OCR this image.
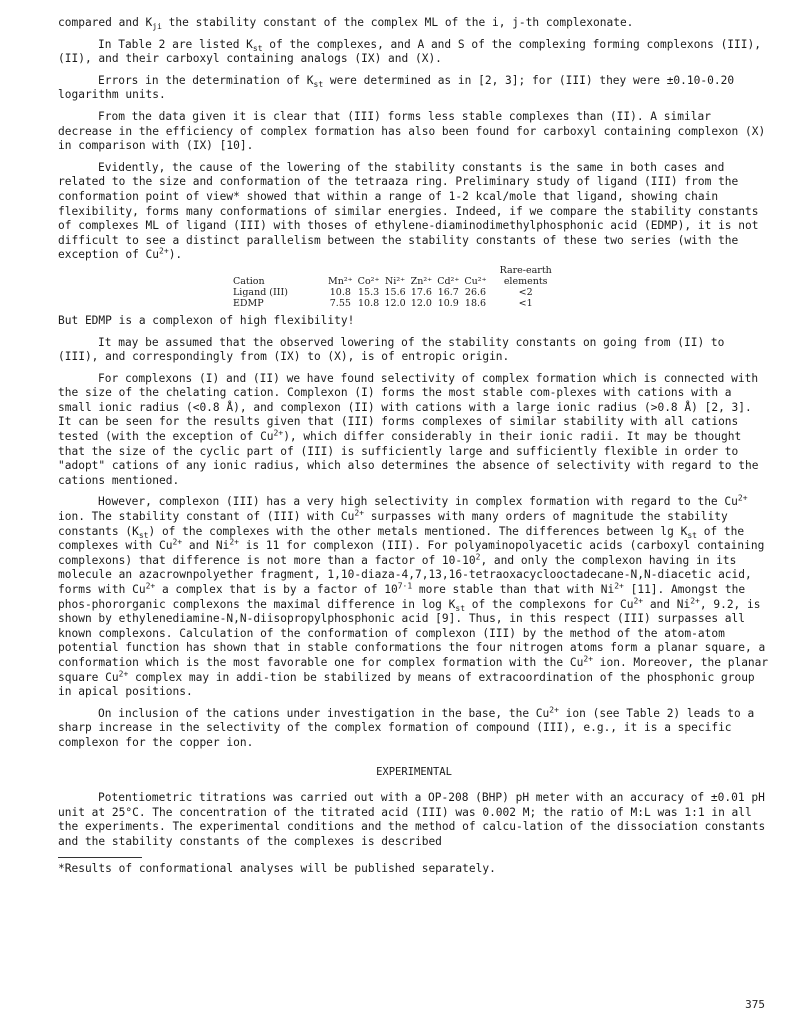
compared and $K_{ji}$ the stability constant of the complex ML of the i, j-th complexonate.

In Table 2 are listed $K_{st}$ of the complexes, and A and S of the complexing forming complexons (III), (II), and their carboxyl containing analogs (IX) and (X).

Errors in the determination of $K_{st}$ were determined as in [2, 3]; for (III) they were ±0.10-0.20 logarithm units.

From the data given it is clear that (III) forms less stable complexes than (II). A similar decrease in the efficiency of complex formation has also been found for carboxyl containing complexon (X) in comparison with (IX) [10].

Evidently, the cause of the lowering of the stability constants is the same in both cases and related to the size and conformation of the tetraaza ring. Preliminary study of ligand (III) from the conformation point of view* showed that within a range of 1-2 kcal/mole that ligand, showing chain flexibility, forms many conformations of similar energies. Indeed, if we compare the stability constants of complexes ML of ligand (III) with thoses of ethylene-diaminodimethylphosphonic acid (EDMP), it is not difficult to see a distinct parallelism between the stability constants of these two series (with the exception of $Cu^{2+}$).

							Rare-earth
Cation	Mn²⁺	Co²⁺	Ni²⁺	Zn²⁺	Cd²⁺	Cu²⁺	elements
Ligand (III)	10.8	15.3	15.6	17.6	16.7	26.6	<2
EDMP	7.55	10.8	12.0	12.0	10.9	18.6	<1

But EDMP is a complexon of high flexibility!

It may be assumed that the observed lowering of the stability constants on going from (II) to (III), and correspondingly from (IX) to (X), is of entropic origin.

For complexons (I) and (II) we have found selectivity of complex formation which is connected with the size of the chelating cation. Complexon (I) forms the most stable com-plexes with cations with a small ionic radius (<0.8 Å), and complexon (II) with cations with a large ionic radius (>0.8 Å) [2, 3]. It can be seen for the results given that (III) forms complexes of similar stability with all cations tested (with the exception of $Cu^{2+}$), which differ considerably in their ionic radii. It may be thought that the size of the cyclic part of (III) is sufficiently large and sufficiently flexible in order to "adopt" cations of any ionic radius, which also determines the absence of selectivity with regard to the cations mentioned.

However, complexon (III) has a very high selectivity in complex formation with regard to the $Cu^{2+}$ ion. The stability constant of (III) with $Cu^{2+}$ surpasses with many orders of magnitude the stability constants $(K_{st})$ of the complexes with the other metals mentioned. The differences between $\lg K_{st}$ of the complexes with $Cu^{2+}$ and $Ni^{2+}$ is 11 for complexon (III). For polyaminopolyacetic acids (carboxyl containing complexons) that difference is not more than a factor of $10-10^2$, and only the complexon having in its molecule an azacrownpolyether fragment, 1,10-diaza-4,7,13,16-tetraoxacyclooctadecane-N,N-diacetic acid, forms with $Cu^{2+}$ a complex that is by a factor of $10^{7\cdot 1}$ more stable than that with $Ni^{2+}$ [11]. Amongst the phos-phororganic complexons the maximal difference in $\log K_{st}$ of the complexons for $Cu^{2+}$ and $Ni^{2+}$, 9.2, is shown by ethylenediamine-N,N-diisopropylphosphonic acid [9]. Thus, in this respect (III) surpasses all known complexons. Calculation of the conformation of complexon (III) by the method of the atom-atom potential function has shown that in stable conformations the four nitrogen atoms form a planar square, a conformation which is the most favorable one for complex formation with the $Cu^{2+}$ ion. Moreover, the planar square $Cu^{2+}$ complex may in addi-tion be stabilized by means of extracoordination of the phosphonic group in apical positions.

On inclusion of the cations under investigation in the base, the $Cu^{2+}$ ion (see Table 2) leads to a sharp increase in the selectivity of the complex formation of compound (III), e.g., it is a specific complexon for the copper ion.

EXPERIMENTAL

Potentiometric titrations was carried out with a OP-208 (BHP) pH meter with an accuracy of ±0.01 pH unit at 25°C. The concentration of the titrated acid (III) was 0.002 M; the ratio of M:L was 1:1 in all the experiments. The experimental conditions and the method of calcu-lation of the dissociation constants and the stability constants of the complexes is described

*Results of conformational analyses will be published separately.

375
